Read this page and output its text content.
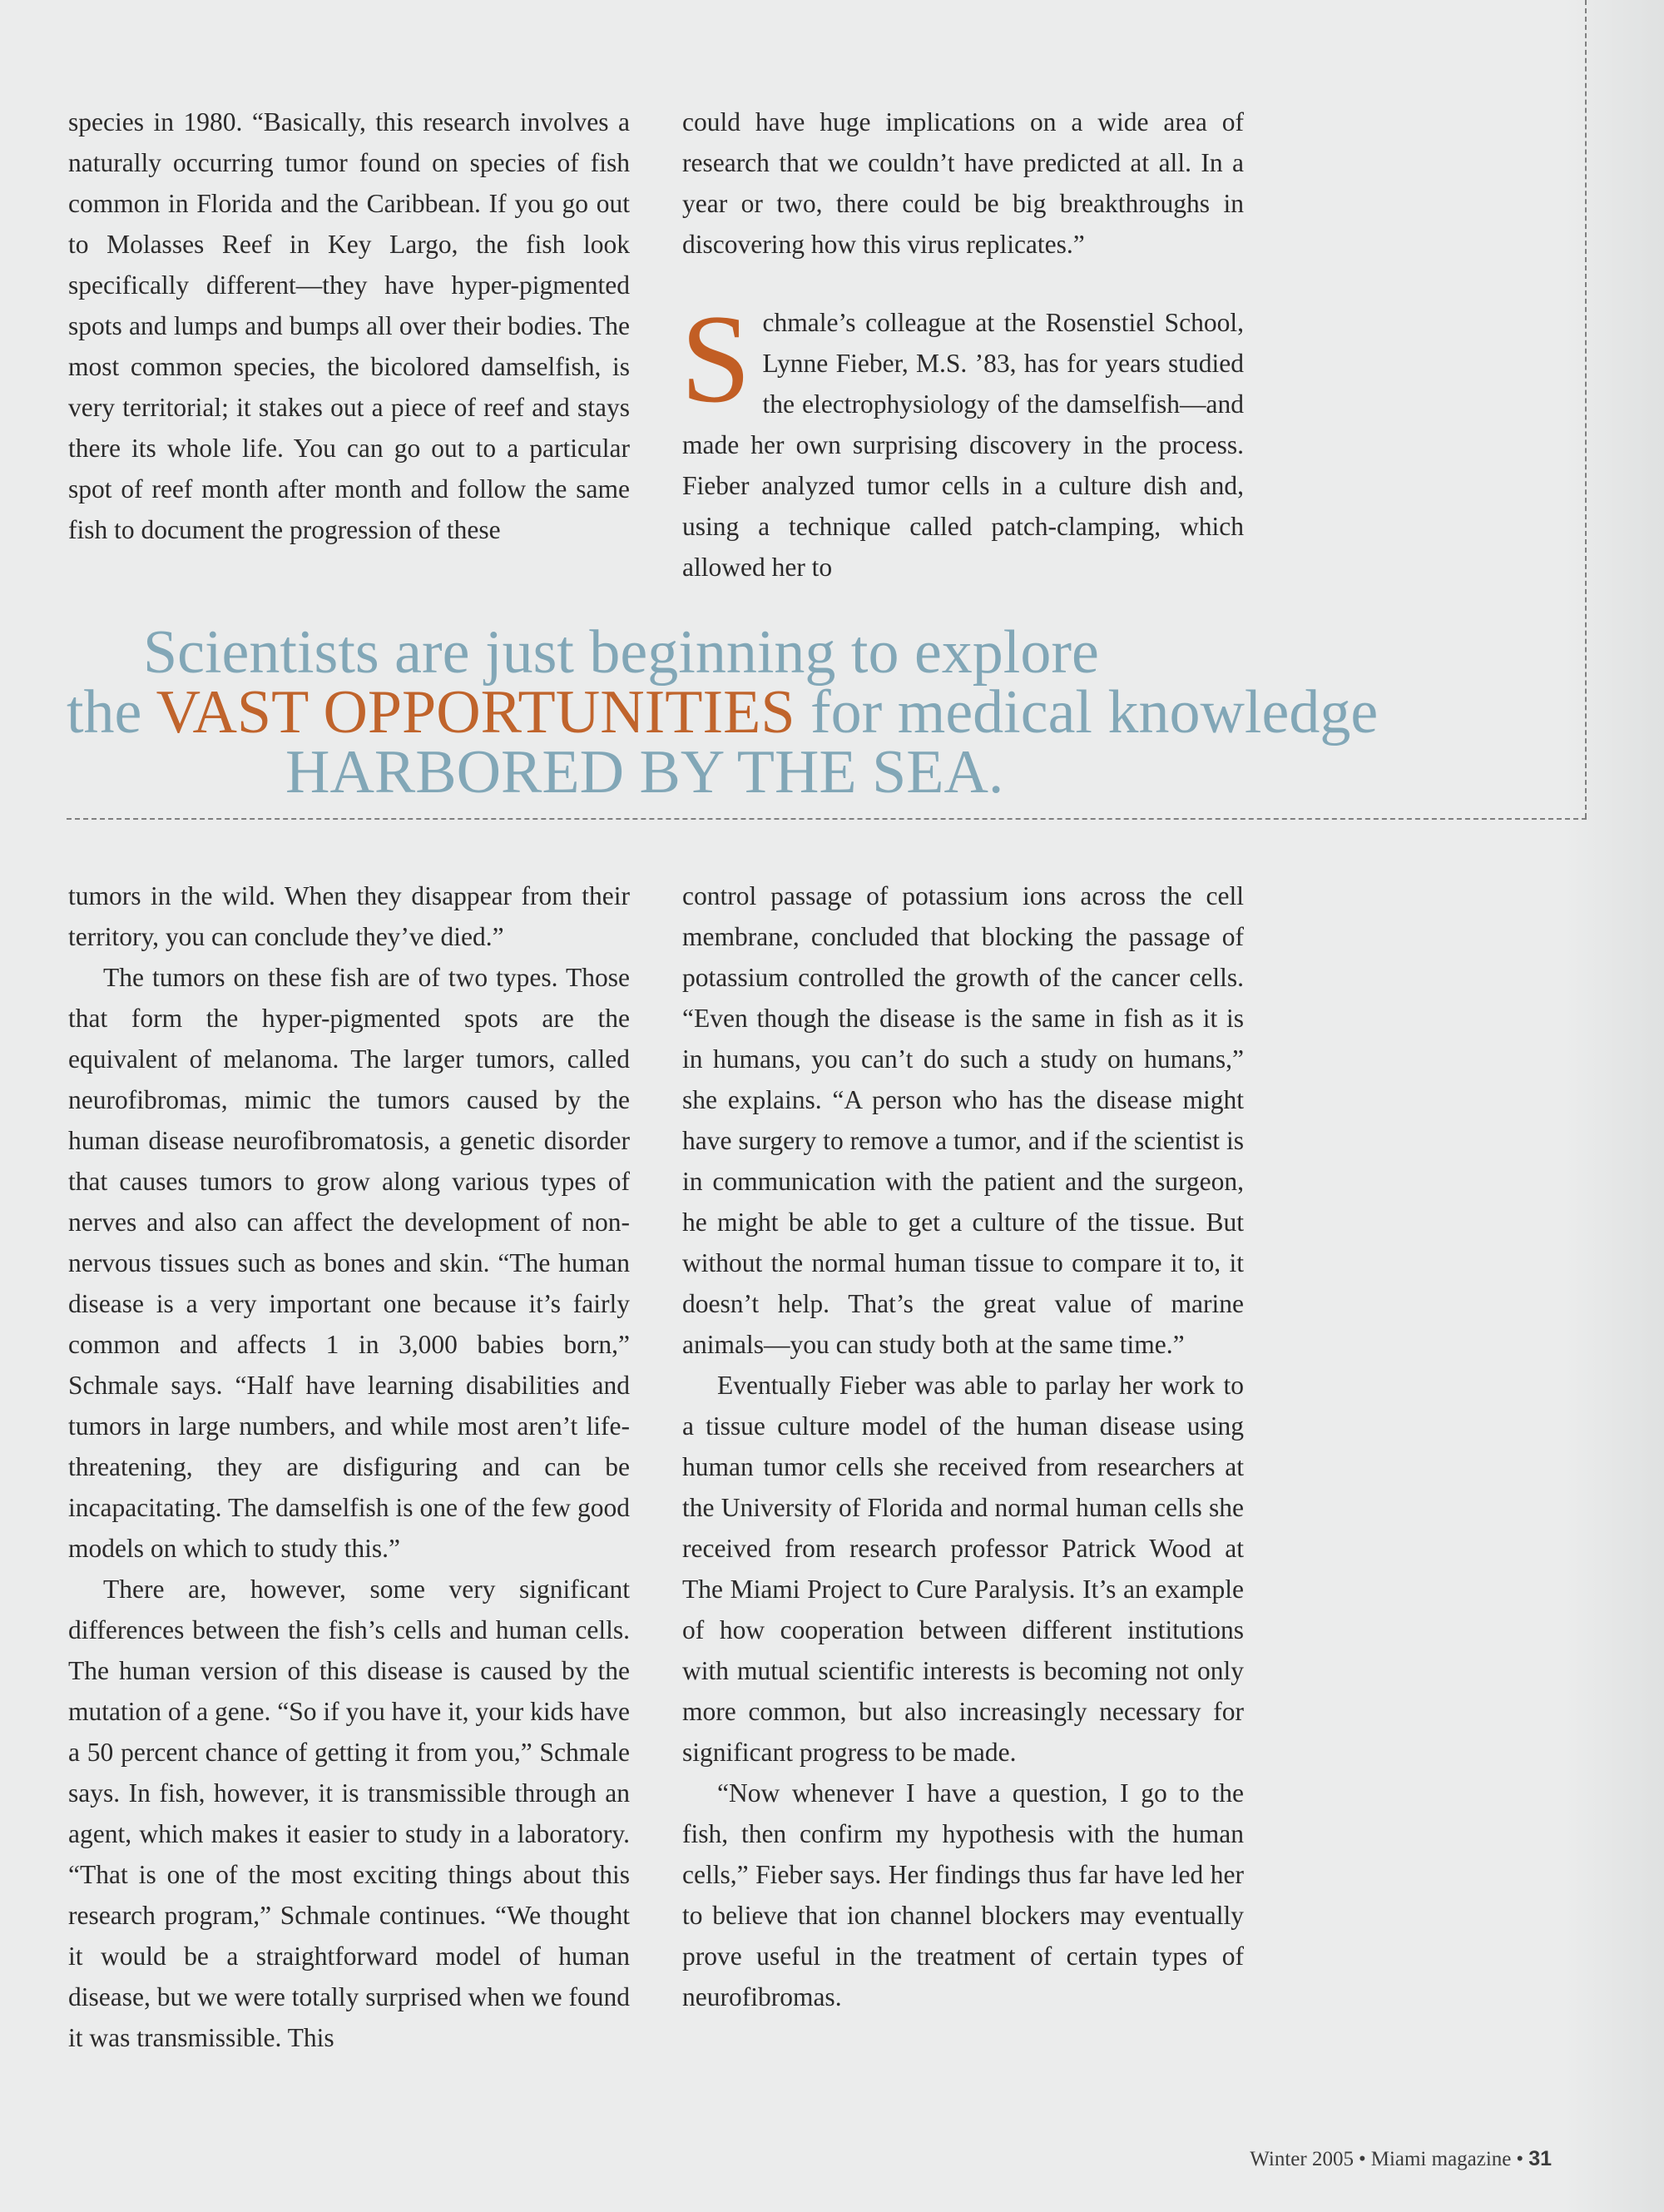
species in 1980. “Basically, this research involves a naturally occurring tumor found on species of fish common in Florida and the Caribbean. If you go out to Molasses Reef in Key Largo, the fish look specifically different—they have hyper-pigmented spots and lumps and bumps all over their bodies. The most common species, the bicolored damselfish, is very territorial; it stakes out a piece of reef and stays there its whole life. You can go out to a particular spot of reef month after month and follow the same fish to document the progression of these

could have huge implications on a wide area of research that we couldn’t have predicted at all. In a year or two, there could be big breakthroughs in discovering how this virus replicates.”

S chmale’s colleague at the Rosenstiel School, Lynne Fieber, M.S. ’83, has for years studied the electrophysiology of the damselfish—and made her own surprising discovery in the process. Fieber analyzed tumor cells in a culture dish and, using a technique called patch-clamping, which allowed her to

Scientists are just beginning to explore
the VAST OPPORTUNITIES for medical knowledge
HARBORED BY THE SEA.

tumors in the wild. When they disappear from their territory, you can conclude they’ve died.”

The tumors on these fish are of two types. Those that form the hyper-pigmented spots are the equivalent of melanoma. The larger tumors, called neurofibromas, mimic the tumors caused by the human disease neurofibromatosis, a genetic disorder that causes tumors to grow along various types of nerves and also can affect the development of non-nervous tissues such as bones and skin. “The human disease is a very important one because it’s fairly common and affects 1 in 3,000 babies born,” Schmale says. “Half have learning disabilities and tumors in large numbers, and while most aren’t life-threatening, they are disfiguring and can be incapacitating. The damselfish is one of the few good models on which to study this.”

There are, however, some very significant differences between the fish’s cells and human cells. The human version of this disease is caused by the mutation of a gene. “So if you have it, your kids have a 50 percent chance of getting it from you,” Schmale says. In fish, however, it is transmissible through an agent, which makes it easier to study in a laboratory. “That is one of the most exciting things about this research program,” Schmale continues. “We thought it would be a straightforward model of human disease, but we were totally surprised when we found it was transmissible. This

control passage of potassium ions across the cell membrane, concluded that blocking the passage of potassium controlled the growth of the cancer cells. “Even though the disease is the same in fish as it is in humans, you can’t do such a study on humans,” she explains. “A person who has the disease might have surgery to remove a tumor, and if the scientist is in communication with the patient and the surgeon, he might be able to get a culture of the tissue. But without the normal human tissue to compare it to, it doesn’t help. That’s the great value of marine animals—you can study both at the same time.”

Eventually Fieber was able to parlay her work to a tissue culture model of the human disease using human tumor cells she received from researchers at the University of Florida and normal human cells she received from research professor Patrick Wood at The Miami Project to Cure Paralysis. It’s an example of how cooperation between different institutions with mutual scientific interests is becoming not only more common, but also increasingly necessary for significant progress to be made.

“Now whenever I have a question, I go to the fish, then confirm my hypothesis with the human cells,” Fieber says. Her findings thus far have led her to believe that ion channel blockers may eventually prove useful in the treatment of certain types of neurofibromas.

Winter 2005 • Miami magazine • 31
